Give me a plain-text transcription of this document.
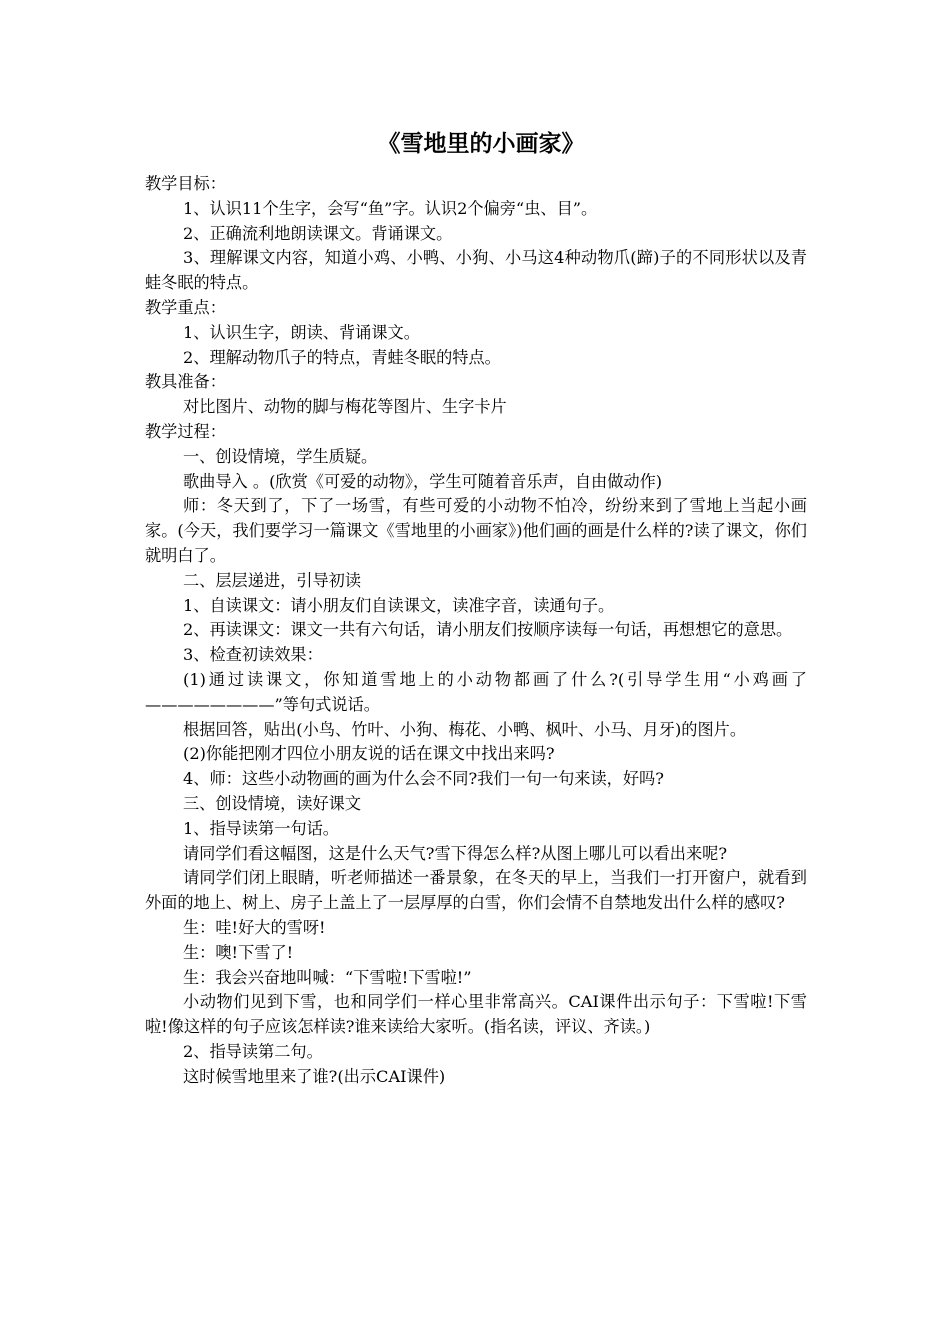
《雪地里的小画家》

教学目标：

1、认识11个生字，会写“鱼”字。认识2个偏旁“虫、目”。

2、正确流利地朗读课文。背诵课文。

3、理解课文内容，知道小鸡、小鸭、小狗、小马这4种动物爪(蹄)子的不同形状以及青蛙冬眠的特点。

教学重点：

1、认识生字，朗读、背诵课文。

2、理解动物爪子的特点，青蛙冬眠的特点。

教具准备：

对比图片、动物的脚与梅花等图片、生字卡片

教学过程：

一、创设情境，学生质疑。

歌曲导入 。(欣赏《可爱的动物》，学生可随着音乐声，自由做动作)

师：冬天到了，下了一场雪，有些可爱的小动物不怕冷，纷纷来到了雪地上当起小画家。(今天，我们要学习一篇课文《雪地里的小画家》)他们画的画是什么样的?读了课文，你们就明白了。

二、层层递进，引导初读

1、自读课文：请小朋友们自读课文，读准字音，读通句子。

2、再读课文：课文一共有六句话，请小朋友们按顺序读每一句话，再想想它的意思。

3、检查初读效果：

(1)通过读课文，你知道雪地上的小动物都画了什么?(引导学生用“小鸡画了————————”等句式说话。

根据回答，贴出(小鸟、竹叶、小狗、梅花、小鸭、枫叶、小马、月牙)的图片。

(2)你能把刚才四位小朋友说的话在课文中找出来吗?

4、师：这些小动物画的画为什么会不同?我们一句一句来读，好吗?

三、创设情境，读好课文

1、指导读第一句话。

请同学们看这幅图，这是什么天气?雪下得怎么样?从图上哪儿可以看出来呢?

请同学们闭上眼睛，听老师描述一番景象，在冬天的早上，当我们一打开窗户，就看到外面的地上、树上、房子上盖上了一层厚厚的白雪，你们会情不自禁地发出什么样的感叹?

生：哇!好大的雪呀!

生：噢!下雪了!

生：我会兴奋地叫喊：“下雪啦!下雪啦!”

小动物们见到下雪，也和同学们一样心里非常高兴。CAI课件出示句子：下雪啦!下雪啦!像这样的句子应该怎样读?谁来读给大家听。(指名读，评议、齐读。)

2、指导读第二句。

这时候雪地里来了谁?(出示CAI课件)
